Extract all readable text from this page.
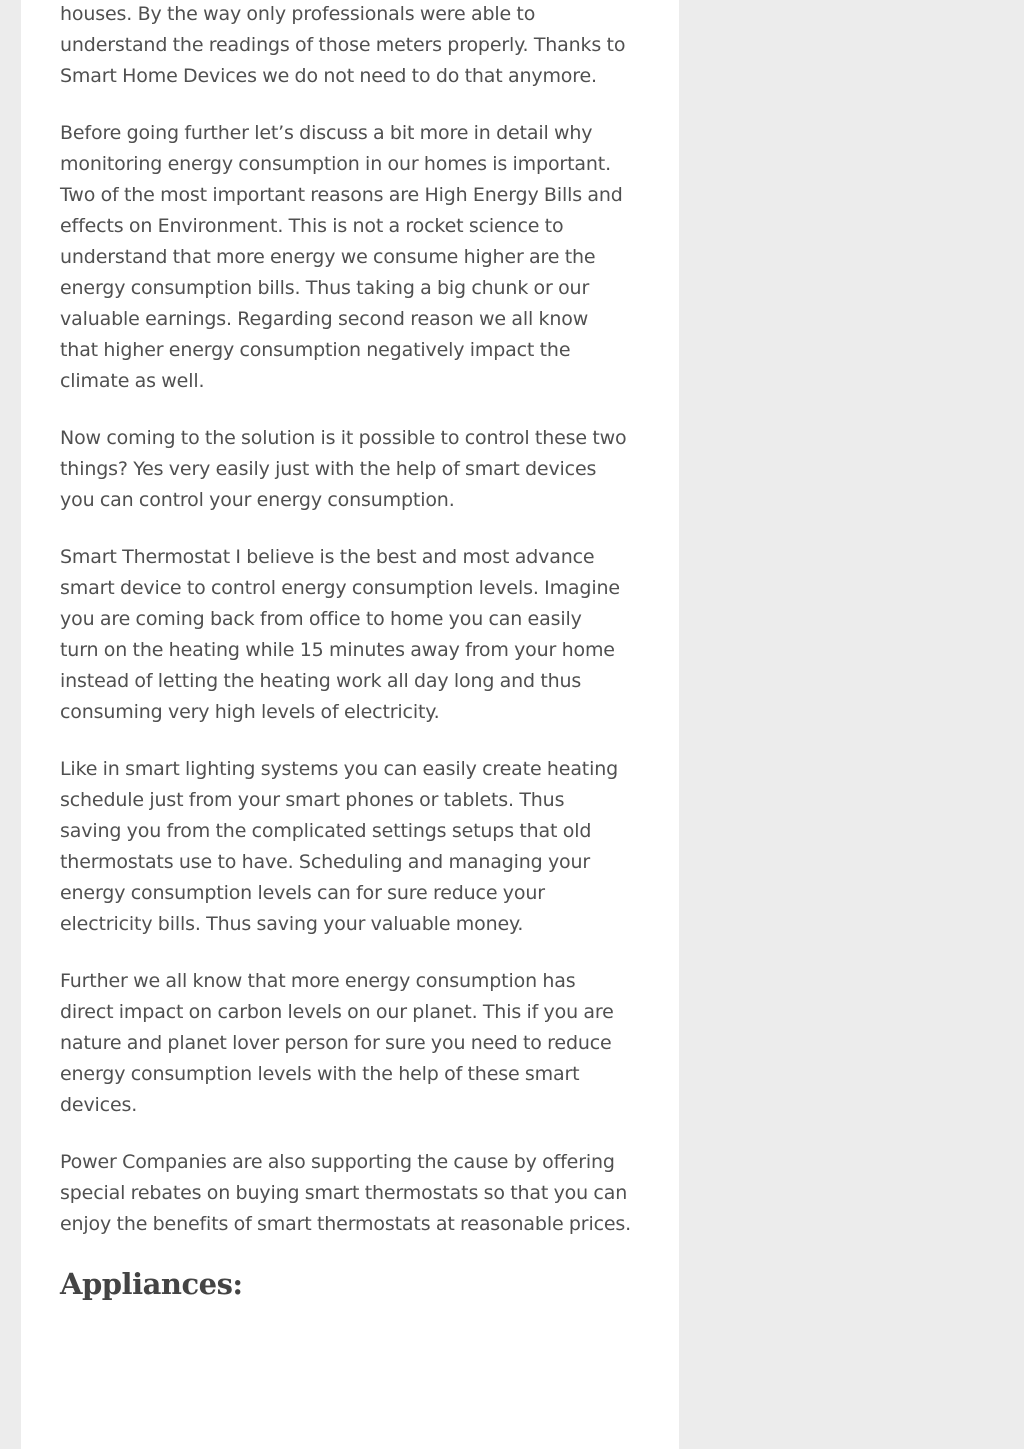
houses. By the way only professionals were able to
understand the readings of those meters properly. Thanks to
Smart Home Devices we do not need to do that anymore.

Before going further let’s discuss a bit more in detail why
monitoring energy consumption in our homes is important.
Two of the most important reasons are High Energy Bills and
effects on Environment. This is not a rocket science to
understand that more energy we consume higher are the
energy consumption bills. Thus taking a big chunk or our
valuable earnings. Regarding second reason we all know
that higher energy consumption negatively impact the
climate as well.

Now coming to the solution is it possible to control these two
things? Yes very easily just with the help of smart devices
you can control your energy consumption.

Smart Thermostat I believe is the best and most advance
smart device to control energy consumption levels. Imagine
you are coming back from office to home you can easily
turn on the heating while 15 minutes away from your home
instead of letting the heating work all day long and thus
consuming very high levels of electricity.

Like in smart lighting systems you can easily create heating
schedule just from your smart phones or tablets. Thus
saving you from the complicated settings setups that old
thermostats use to have. Scheduling and managing your
energy consumption levels can for sure reduce your
electricity bills. Thus saving your valuable money.

Further we all know that more energy consumption has
direct impact on carbon levels on our planet. This if you are
nature and planet lover person for sure you need to reduce
energy consumption levels with the help of these smart
devices.

Power Companies are also supporting the cause by offering
special rebates on buying smart thermostats so that you can
enjoy the benefits of smart thermostats at reasonable prices.

Appliances:
